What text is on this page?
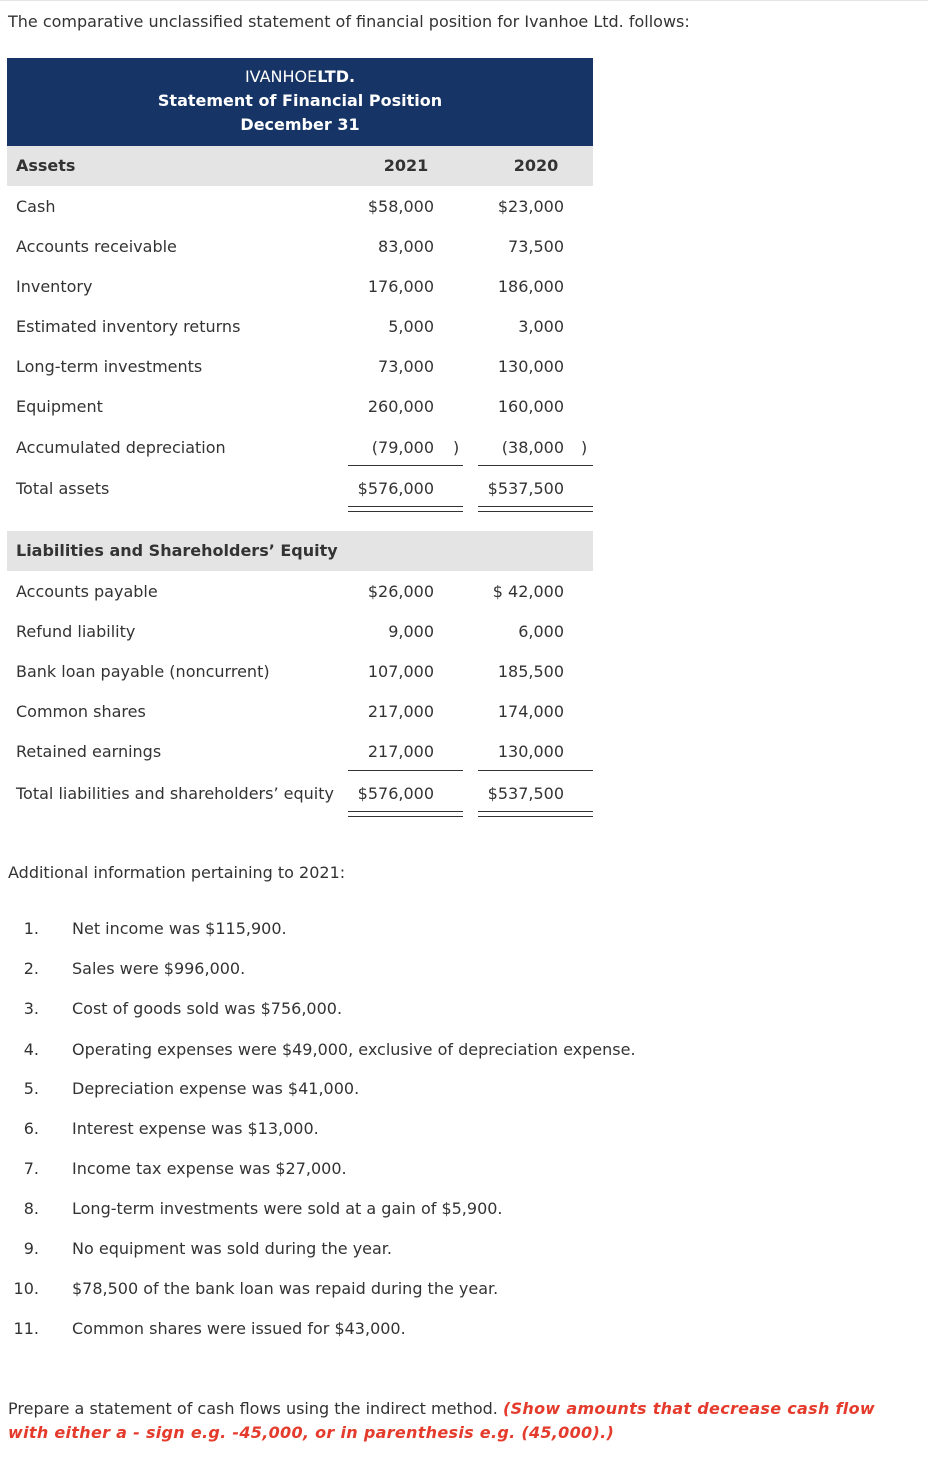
The comparative unclassified statement of financial position for Ivanhoe Ltd. follows:
IVANHOELTD.
Statement of Financial Position
December 31
Assets	2021	2020
Cash	$58,000	$23,000
Accounts receivable	83,000	73,500
Inventory	176,000	186,000
Estimated inventory returns	5,000	3,000
Long-term investments	73,000	130,000
Equipment	260,000	160,000
Accumulated depreciation	(79,000 )	(38,000 )
Total assets	$576,000	$537,500
Liabilities and Shareholders’ Equity
Accounts payable	$26,000	$ 42,000
Refund liability	9,000	6,000
Bank loan payable (noncurrent)	107,000	185,500
Common shares	217,000	174,000
Retained earnings	217,000	130,000
Total liabilities and shareholders’ equity $576,000	$537,500
Additional information pertaining to 2021:
1. Net income was $115,900.
2. Sales were $996,000.
3. Cost of goods sold was $756,000.
4. Operating expenses were $49,000, exclusive of depreciation expense.
5. Depreciation expense was $41,000.
6. Interest expense was $13,000.
7. Income tax expense was $27,000.
8. Long-term investments were sold at a gain of $5,900.
9. No equipment was sold during the year.
10. $78,500 of the bank loan was repaid during the year.
11. Common shares were issued for $43,000.
Prepare a statement of cash flows using the indirect method. (Show amounts that decrease cash flow with either a - sign e.g. -45,000, or in parenthesis e.g. (45,000).)
